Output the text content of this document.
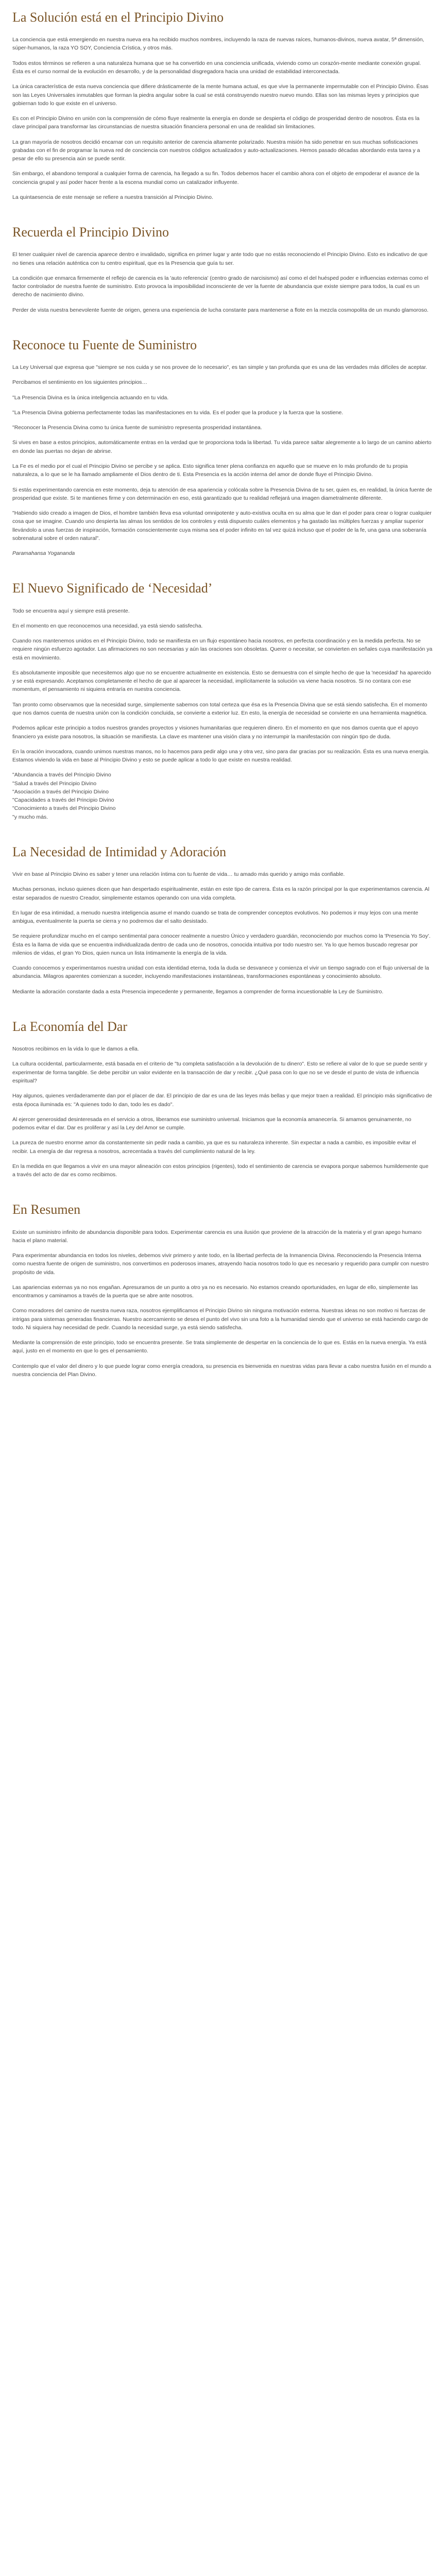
La Solución está en el Principio Divino

La conciencia que está emergiendo en nuestra nueva era ha recibido muchos nombres, incluyendo la raza de nuevas raíces, humanos-divinos, nueva avatar, 5ª dimensión, súper-humanos, la raza YO SOY, Conciencia Crística, y otros más.

Todos estos términos se refieren a una naturaleza humana que se ha convertido en una conciencia unificada, viviendo como un corazón-mente mediante conexión grupal. Ésta es el curso normal de la evolución en desarrollo, y de la personalidad disgregadora hacia una unidad de estabilidad interconectada.

La única característica de esta nueva conciencia que difiere drásticamente de la mente humana actual, es que vive la permanente impermutable con el Principio Divino. Ésas son las Leyes Universales inmutables que forman la piedra angular sobre la cual se está construyendo nuestro nuevo mundo. Ellas son las mismas leyes y principios que gobiernan todo lo que existe en el universo.

Es con el Principio Divino en unión con la comprensión de cómo fluye realmente la energía en donde se despierta el código de prosperidad dentro de nosotros. Ésta es la clave principal para transformar las circunstancias de nuestra situación financiera personal en una de realidad sin limitaciones.

La gran mayoría de nosotros decidió encarnar con un requisito anterior de carencia altamente polarizado. Nuestra misión ha sido penetrar en sus muchas sofisticaciones grabadas con el fin de programar la nueva red de conciencia con nuestros códigos actualizados y auto-actualizaciones. Hemos pasado décadas abordando esta tarea y a pesar de ello su presencia aún se puede sentir.

Sin embargo, el abandono temporal a cualquier forma de carencia, ha llegado a su fin. Todos debemos hacer el cambio ahora con el objeto de empoderar el avance de la conciencia grupal y así poder hacer frente a la escena mundial como un catalizador influyente.

La quintaesencia de este mensaje se refiere a nuestra transición al Principio Divino.

Recuerda el Principio Divino

El tener cualquier nivel de carencia aparece dentro e invalidado, significa en primer lugar y ante todo que no estás reconociendo el Principio Divino. Esto es indicativo de que no tienes una relación auténtica con tu centro espiritual, que es la Presencia que guía tu ser.

La condición que enmarca firmemente el reflejo de carencia es la 'auto referencia' (centro grado de narcisismo) así como el del huésped poder e influencias externas como el factor controlador de nuestra fuente de suministro. Esto provoca la imposibilidad inconsciente de ver la fuente de abundancia que existe siempre para todos, la cual es un derecho de nacimiento divino.

Perder de vista nuestra benevolente fuente de origen, genera una experiencia de lucha constante para mantenerse a flote en la mezcla cosmopolita de un mundo glamoroso.

Reconoce tu Fuente de Suministro

La Ley Universal que expresa que "siempre se nos cuida y se nos provee de lo necesario", es tan simple y tan profunda que es una de las verdades más difíciles de aceptar.

Percibamos el sentimiento en los siguientes principios…

"La Presencia Divina es la única inteligencia actuando en tu vida.

"La Presencia Divina gobierna perfectamente todas las manifestaciones en tu vida. Es el poder que la produce y la fuerza que la sostiene.

"Reconocer la Presencia Divina como tu única fuente de suministro representa prosperidad instantánea.

Si vives en base a estos principios, automáticamente entras en la verdad que te proporciona toda la libertad. Tu vida parece saltar alegremente a lo largo de un camino abierto en donde las puertas no dejan de abrirse.

La Fe es el medio por el cual el Principio Divino se percibe y se aplica. Esto significa tener plena confianza en aquello que se mueve en lo más profundo de tu propia naturaleza, a lo que se le ha llamado ampliamente el Dios dentro de ti. Esta Presencia es la acción interna del amor de donde fluye el Principio Divino.

Si estás experimentando carencia en este momento, deja tu atención de esa apariencia y colócala sobre la Presencia Divina de tu ser, quien es, en realidad, la única fuente de prosperidad que existe. Si te mantienes firme y con determinación en eso, está garantizado que tu realidad reflejará una imagen diametralmente diferente.

"Habiendo sido creado a imagen de Dios, el hombre también lleva esa voluntad omnipotente y auto-existiva oculta en su alma que le dan el poder para crear o lograr cualquier cosa que se imagine. Cuando uno despierta las almas los sentidos de los controles y está dispuesto cuáles elementos y ha gastado las múltiples fuerzas y ampliar superior llevándolo a unas fuerzas de inspiración, formación conscientemente cuya misma sea el poder infinito en tal vez quizá incluso que el poder de la fe, una gana una soberanía sobrenatural sobre el orden natural".

Paramahansa Yogananda

El Nuevo Significado de ‘Necesidad’

Todo se encuentra aquí y siempre está presente.

En el momento en que reconocemos una necesidad, ya está siendo satisfecha.

Cuando nos mantenemos unidos en el Principio Divino, todo se manifiesta en un flujo espontáneo hacia nosotros, en perfecta coordinación y en la medida perfecta. No se requiere ningún esfuerzo agotador. Las afirmaciones no son necesarias y aún las oraciones son obsoletas. Querer o necesitar, se convierten en señales cuya manifestación ya está en movimiento.

Es absolutamente imposible que necesitemos algo que no se encuentre actualmente en existencia. Esto se demuestra con el simple hecho de que la 'necesidad' ha aparecido y se está expresando. Aceptamos completamente el hecho de que al aparecer la necesidad, implícitamente la solución va viene hacia nosotros. Si no contara con ese momentum, el pensamiento ni siquiera entraría en nuestra conciencia.

Tan pronto como observamos que la necesidad surge, simplemente sabemos con total certeza que ésa es la Presencia Divina que se está siendo satisfecha. En el momento que nos damos cuenta de nuestra unión con la condición concluida, se convierte a exterior luz. En esto, la energía de necesidad se convierte en una herramienta magnética.

Podemos aplicar este principio a todos nuestros grandes proyectos y visiones humanitarias que requieren dinero. En el momento en que nos damos cuenta que el apoyo financiero ya existe para nosotros, la situación se manifiesta. La clave es mantener una visión clara y no interrumpir la manifestación con ningún tipo de duda.

En la oración invocadora, cuando unimos nuestras manos, no lo hacemos para pedir algo una y otra vez, sino para dar gracias por su realización. Ésta es una nueva energía. Estamos viviendo la vida en base al Principio Divino y esto se puede aplicar a todo lo que existe en nuestra realidad.

"Abundancia a través del Principio Divino

"Salud a través del Principio Divino

"Asociación a través del Principio Divino

"Capacidades a través del Principio Divino

"Conocimiento a través del Principio Divino

"y mucho más.

La Necesidad de Intimidad y Adoración

Vivir en base al Principio Divino es saber y tener una relación íntima con tu fuente de vida… tu amado más querido y amigo más confiable.

Muchas personas, incluso quienes dicen que han despertado espiritualmente, están en este tipo de carrera. Ésta es la razón principal por la que experimentamos carencia. Al estar separados de nuestro Creador, simplemente estamos operando con una vida completa.

En lugar de esa intimidad, a menudo nuestra inteligencia asume el mando cuando se trata de comprender conceptos evolutivos. No podemos ir muy lejos con una mente ambigua, eventualmente la puerta se cierra y no podremos dar el salto desistado.

Se requiere profundizar mucho en el campo sentimental para conocer realmente a nuestro Único y verdadero guardián, reconociendo por muchos como la 'Presencia Yo Soy'. Ésta es la llama de vida que se encuentra individualizada dentro de cada uno de nosotros, conocida intuitiva por todo nuestro ser. Ya lo que hemos buscado regresar por milenios de vidas, el gran Yo Dios, quien nunca un lista íntimamente la energía de la vida.

Cuando conocemos y experimentamos nuestra unidad con esta identidad eterna, toda la duda se desvanece y comienza el vivir un tiempo sagrado con el flujo universal de la abundancia. Milagros aparentes comienzan a suceder, incluyendo manifestaciones instantáneas, transformaciones espontáneas y conocimiento absoluto.

Mediante la adoración constante dada a esta Presencia impecedente y permanente, llegamos a comprender de forma incuestionable la Ley de Suministro.

La Economía del Dar

Nosotros recibimos en la vida lo que le damos a ella.

La cultura occidental, particularmente, está basada en el criterio de "tu completa satisfacción a la devolución de tu dinero". Esto se refiere al valor de lo que se puede sentir y experimentar de forma tangible. Se debe percibir un valor evidente en la transacción de dar y recibir. ¿Qué pasa con lo que no se ve desde el punto de vista de influencia espiritual?

Hay algunos, quienes verdaderamente dan por el placer de dar. El principio de dar es una de las leyes más bellas y que mejor traen a realidad. El principio más significativo de esta época iluminada es: "A quienes todo lo dan, todo les es dado".

Al ejercer generosidad desinteresada en el servicio a otros, liberamos ese suministro universal. Iniciamos que la economía amanecería. Si amamos genuinamente, no podemos evitar el dar. Dar es proliferar y así la Ley del Amor se cumple.

La pureza de nuestro enorme amor da constantemente sin pedir nada a cambio, ya que es su naturaleza inherente. Sin expectar a nada a cambio, es imposible evitar el recibir. La energía de dar regresa a nosotros, acrecentada a través del cumplimiento natural de la ley.

En la medida en que llegamos a vivir en una mayor alineación con estos principios (rigentes), todo el sentimiento de carencia se evapora porque sabemos humildemente que a través del acto de dar es como recibimos.

En Resumen

Existe un suministro infinito de abundancia disponible para todos. Experimentar carencia es una ilusión que proviene de la atracción de la materia y el gran apego humano hacia el plano material.

Para experimentar abundancia en todos los niveles, debemos vivir primero y ante todo, en la libertad perfecta de la Inmanencia Divina. Reconociendo la Presencia Interna como nuestra fuente de origen de suministro, nos convertimos en poderosos imanes, atrayendo hacia nosotros todo lo que es necesario y requerido para cumplir con nuestro propósito de vida.

Las apariencias externas ya no nos engañan. Apresuramos de un punto a otro ya no es necesario. No estamos creando oportunidades, en lugar de ello, simplemente las encontramos y caminamos a través de la puerta que se abre ante nosotros.

Como moradores del camino de nuestra nueva raza, nosotros ejemplificamos el Principio Divino sin ninguna motivación externa. Nuestras ideas no son motivo ni fuerzas de intrigas para sistemas generadas financieras. Nuestro acercamiento se desea el punto del vivo sin una foto a la humanidad siendo que el universo se está haciendo cargo de todo. Ni siquiera hay necesidad de pedir. Cuando la necesidad surge, ya está siendo satisfecha.

Mediante la comprensión de este principio, todo se encuentra presente. Se trata simplemente de despertar en la conciencia de lo que es. Estás en la nueva energía. Ya está aquí, justo en el momento en que lo ges el pensamiento.

Contemplo que el valor del dinero y lo que puede lograr como energía creadora, su presencia es bienvenida en nuestras vidas para llevar a cabo nuestra fusión en el mundo a nuestra conciencia del Plan Divino.
